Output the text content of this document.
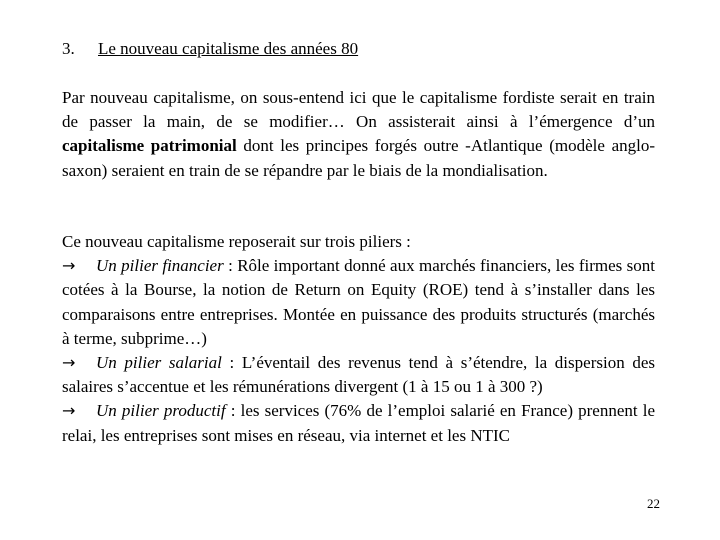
3. Le nouveau capitalisme des années 80
Par nouveau capitalisme, on sous-entend ici que le capitalisme fordiste serait en train de passer la main, de se modifier… On assisterait ainsi à l’émergence d’un capitalisme patrimonial dont les principes forgés outre -Atlantique (modèle anglo-saxon) seraient en train de se répandre par le biais de la mondialisation.
Ce nouveau capitalisme reposerait sur trois piliers :
→ Un pilier financier : Rôle important donné aux marchés financiers, les firmes sont cotées à la Bourse, la notion de Return on Equity (ROE) tend à s’installer dans les comparaisons entre entreprises. Montée en puissance des produits structurés (marchés à terme, subprime…)
→ Un pilier salarial : L’éventail des revenus tend à s’étendre, la dispersion des salaires s’accentue et les rémunérations divergent (1 à 15 ou 1 à 300 ?)
→ Un pilier productif : les services (76% de l’emploi salarié en France) prennent le relai, les entreprises sont mises en réseau, via internet et les NTIC
22
